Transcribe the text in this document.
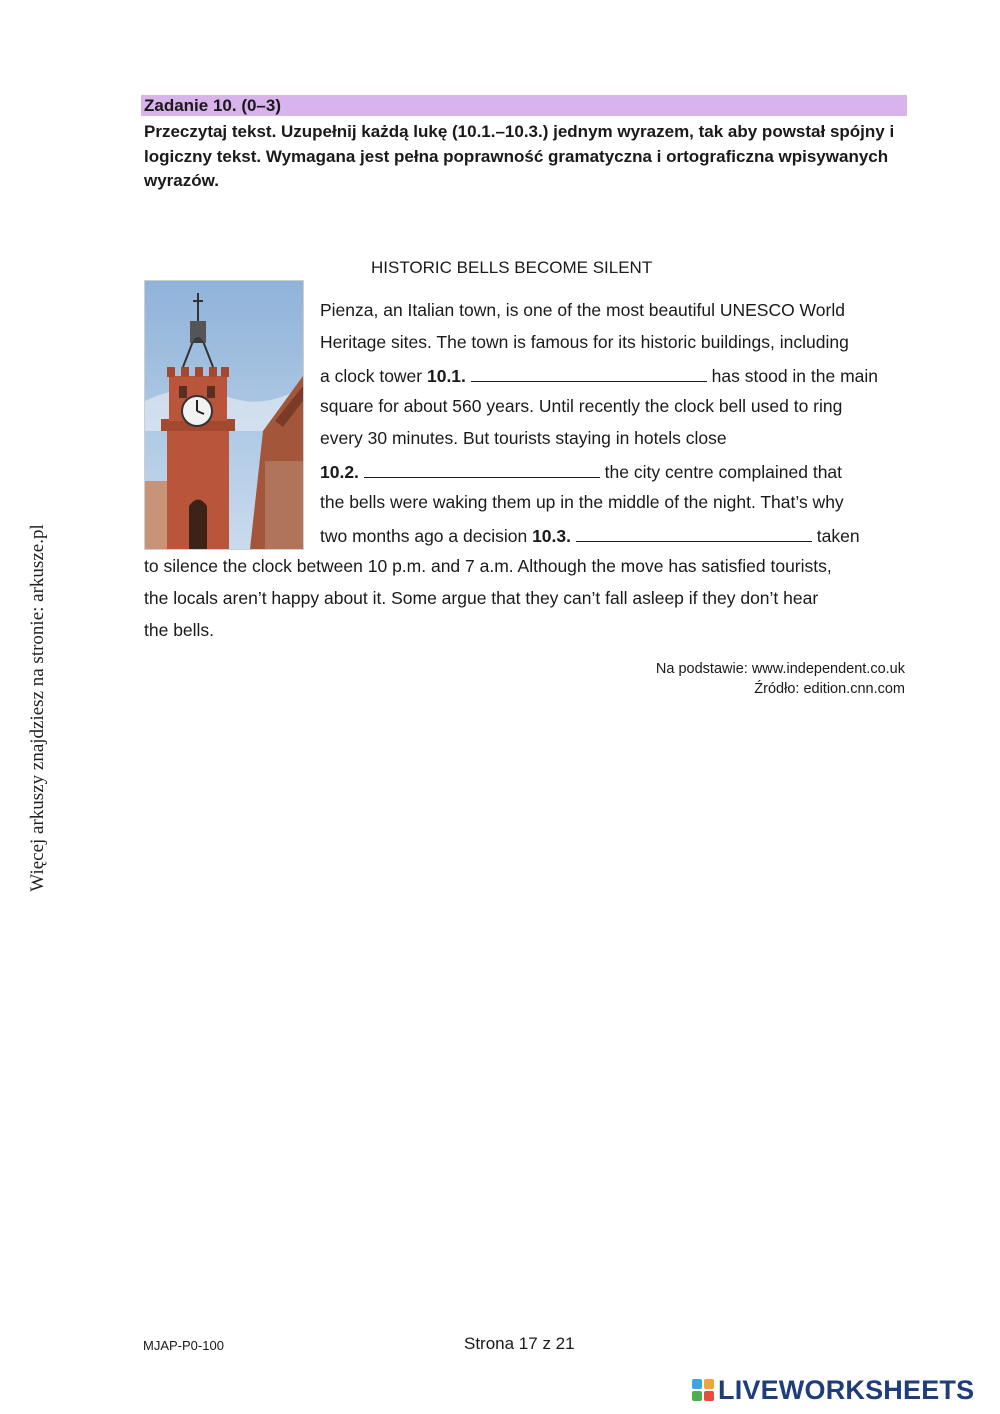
Zadanie 10. (0–3)
Przeczytaj tekst. Uzupełnij każdą lukę (10.1.–10.3.) jednym wyrazem, tak aby powstał spójny i logiczny tekst. Wymagana jest pełna poprawność gramatyczna i ortograficzna wpisywanych wyrazów.
HISTORIC BELLS BECOME SILENT
Pienza, an Italian town, is one of the most beautiful UNESCO World
Heritage sites. The town is famous for its historic buildings, including
a clock tower 10.1.	has stood in the main
square for about 560 years. Until recently the clock bell used to ring
every 30 minutes. But tourists staying in hotels close
10.2.	the city centre complained that
the bells were waking them up in the middle of the night. That’s why
two months ago a decision 10.3.	taken
to silence the clock between 10 p.m. and 7 a.m. Although the move has satisfied tourists,
the locals aren’t happy about it. Some argue that they can’t fall asleep if they don’t hear
the bells.
Na podstawie: www.independent.co.uk
Źródło: edition.cnn.com
Więcej arkuszy znajdziesz na stronie: arkusze.pl
MJAP-P0-100	Strona 17 z 21
LIVEWORKSHEETS
